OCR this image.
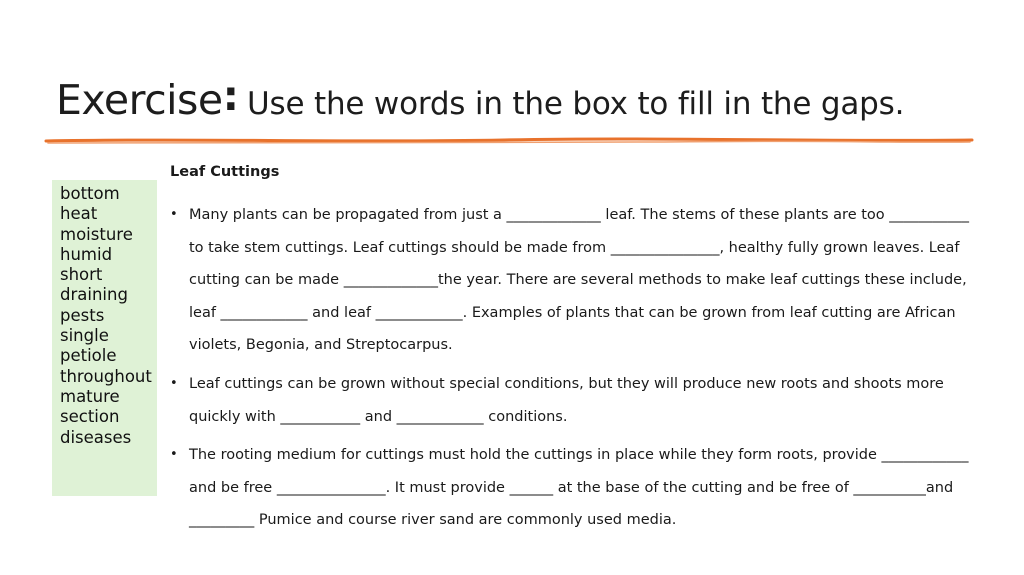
Exercise: Use the words in the box to fill in the gaps.
bottom
heat
moisture
humid
short
draining
pests
single
petiole
throughout
mature
section
diseases
Leaf Cuttings
• Many plants can be propagated from just a _____________ leaf. The stems of these plants are too ___________ to take stem cuttings. Leaf cuttings should be made from _______________, healthy fully grown leaves. Leaf cutting can be made _____________the year. There are several methods to make leaf cuttings these include, leaf ____________ and leaf ____________. Examples of plants that can be grown from leaf cutting are African violets, Begonia, and Streptocarpus.
• Leaf cuttings can be grown without special conditions, but they will produce new roots and shoots more quickly with ___________ and ____________ conditions.
• The rooting medium for cuttings must hold the cuttings in place while they form roots, provide ____________ and be free _______________. It must provide ______ at the base of the cutting and be free of __________and _________ Pumice and course river sand are commonly used media.
